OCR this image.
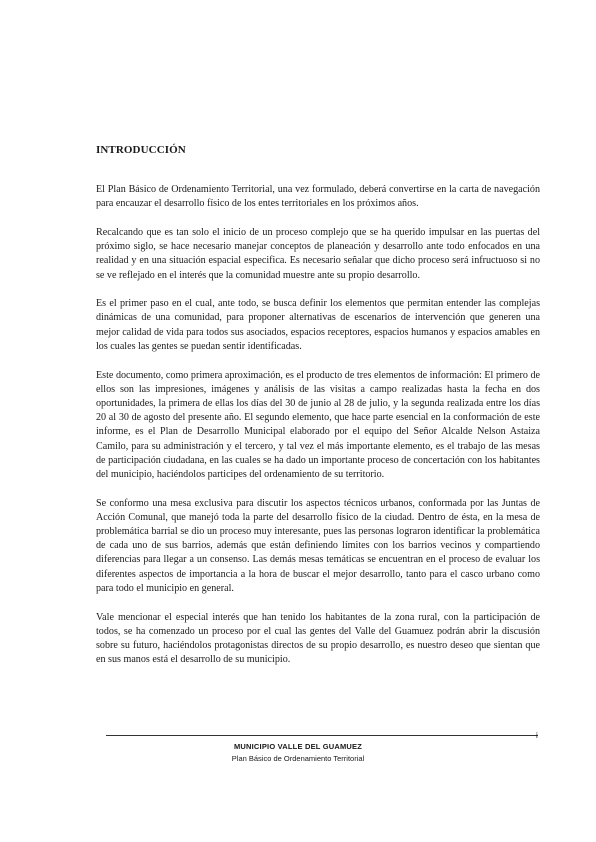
INTRODUCCIÓN

El Plan Básico de Ordenamiento Territorial, una vez formulado, deberá convertirse en la carta de navegación para encauzar el desarrollo físico de los entes territoriales en los próximos años.

Recalcando que es tan solo el inicio de un proceso complejo que se ha querido impulsar en las puertas del próximo siglo, se hace necesario manejar conceptos de planeación y desarrollo ante todo enfocados en una realidad y en una situación espacial especifica. Es necesario señalar que dicho proceso será infructuoso si no se ve reflejado en el interés que la comunidad muestre ante su propio desarrollo.

Es el primer paso en el cual, ante todo, se busca definir los elementos que permitan entender las complejas dinámicas de una comunidad, para proponer alternativas de escenarios de intervención que generen una mejor calidad de vida para todos sus asociados, espacios receptores, espacios humanos y espacios amables en los cuales las gentes se puedan sentir identificadas.

Este documento, como primera aproximación, es el producto de tres elementos de información: El primero de ellos son las impresiones, imágenes y análisis de las visitas a campo realizadas hasta la fecha en dos oportunidades, la primera de ellas los días del 30 de junio al 28 de julio, y la segunda realizada entre los días 20 al 30 de agosto del presente año. El segundo elemento, que hace parte esencial en la conformación de este informe, es el Plan de Desarrollo Municipal elaborado por el equipo del Señor Alcalde Nelson Astaiza Camilo, para su administración y el tercero, y tal vez el más importante elemento, es el trabajo de las mesas de participación ciudadana, en las cuales se ha dado un importante proceso de concertación con los habitantes del municipio, haciéndolos participes del ordenamiento de su territorio.

Se conformo una mesa exclusiva para discutir los aspectos técnicos urbanos, conformada por las Juntas de Acción Comunal, que manejó toda la parte del desarrollo físico de la ciudad. Dentro de ésta, en la mesa de problemática barrial se dio un proceso muy interesante, pues las personas lograron identificar la problemática de cada uno de sus barrios, además que están definiendo límites con los barrios vecinos y compartiendo diferencias para llegar a un consenso. Las demás mesas temáticas se encuentran en el proceso de evaluar los diferentes aspectos de importancia a la hora de buscar el mejor desarrollo, tanto para el casco urbano como para todo el municipio en general.

Vale mencionar el especial interés que han tenido los habitantes de la zona rural, con la participación de todos, se ha comenzado un proceso por el cual las gentes del Valle del Guamuez podrán abrir la discusión sobre su futuro, haciéndolos protagonistas directos de su propio desarrollo, es nuestro deseo que sientan que en sus manos está el desarrollo de su municipio.

i
MUNICIPIO VALLE DEL GUAMUEZ
Plan Básico de Ordenamiento Territorial
